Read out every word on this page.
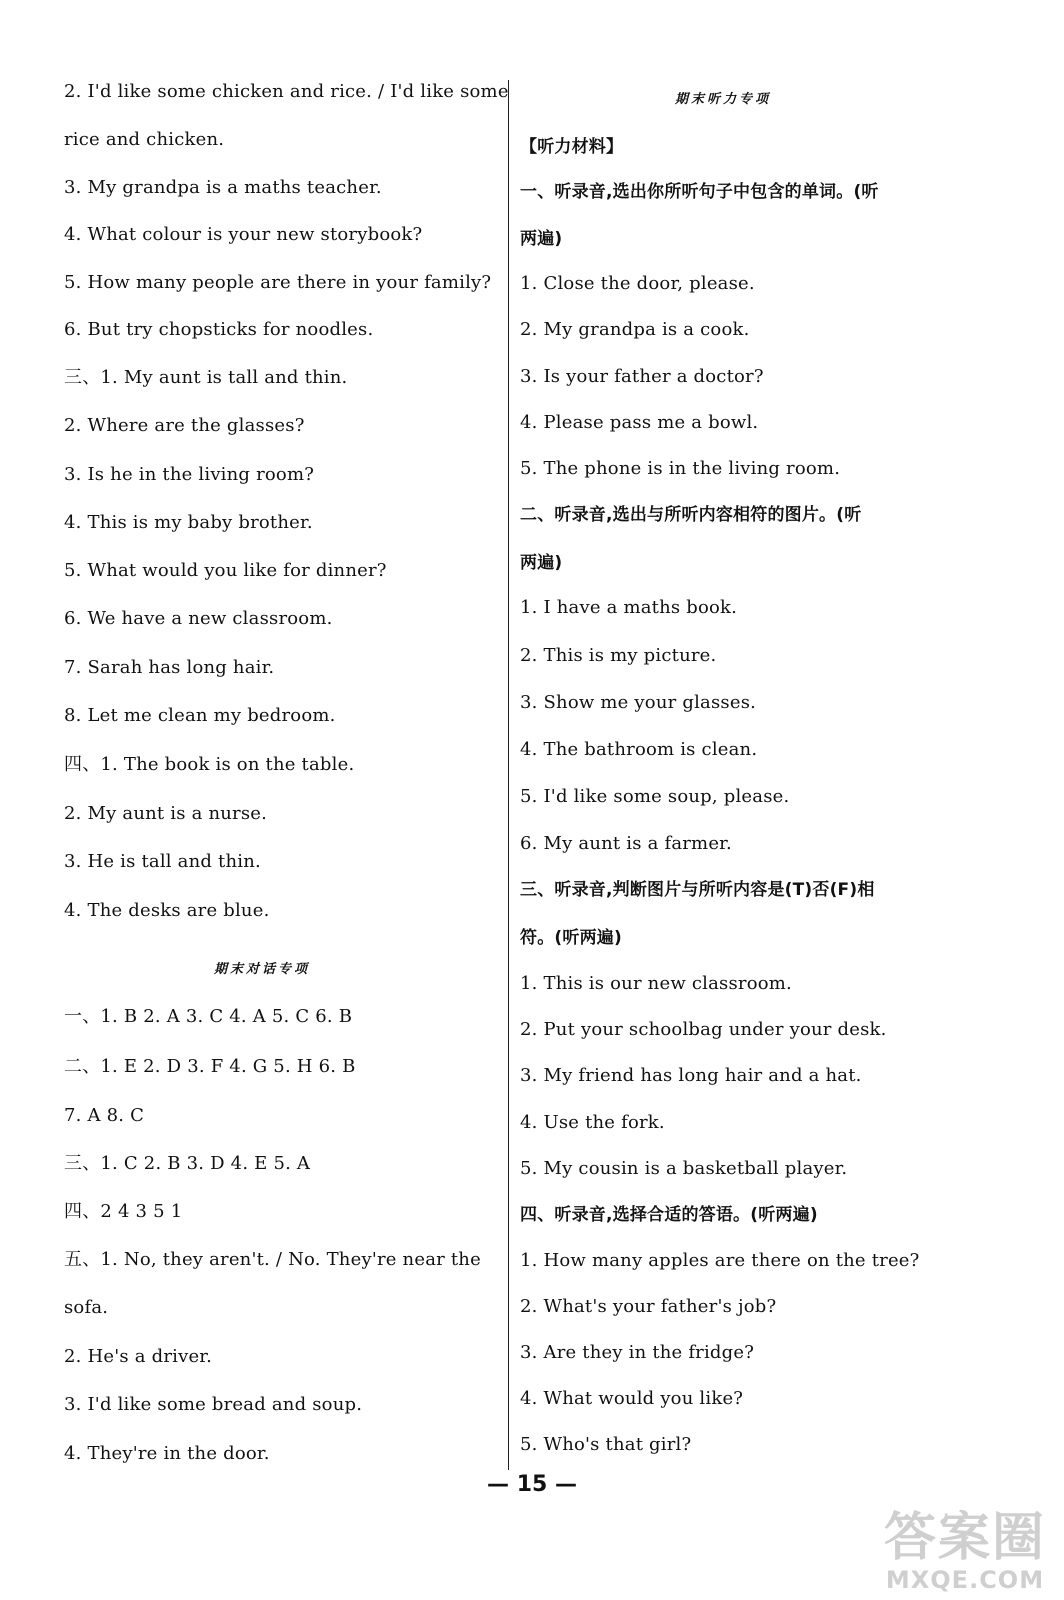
期末对话专项
2. I'd like some chicken and rice. / I'd like some
rice and chicken.
3. My grandpa is a maths teacher.
4. What colour is your new storybook?
5. How many people are there in your family?
6. But try chopsticks for noodles.
三、1. My aunt is tall and thin.
2. Where are the glasses?
3. Is he in the living room?
4. This is my baby brother.
5. What would you like for dinner?
6. We have a new classroom.
7. Sarah has long hair.
8. Let me clean my bedroom.
四、1. The book is on the table.
2. My aunt is a nurse.
3. He is tall and thin.
4. The desks are blue.
一、1. B 2. A 3. C 4. A 5. C 6. B
二、1. E 2. D 3. F 4. G 5. H 6. B
7. A 8. C
三、1. C 2. B 3. D 4. E 5. A
四、2 4 3 5 1
五、1. No, they aren't. / No. They're near the
sofa.
2. He's a driver.
3. I'd like some bread and soup.
4. They're in the door.
期末听力专项
【听力材料】
一、听录音,选出你所听句子中包含的单词。(听
两遍)
1. Close the door, please.
2. My grandpa is a cook.
3. Is your father a doctor?
4. Please pass me a bowl.
5. The phone is in the living room.
二、听录音,选出与所听内容相符的图片。(听
两遍)
1. I have a maths book.
2. This is my picture.
3. Show me your glasses.
4. The bathroom is clean.
5. I'd like some soup, please.
6. My aunt is a farmer.
三、听录音,判断图片与所听内容是(T)否(F)相
符。(听两遍)
1. This is our new classroom.
2. Put your schoolbag under your desk.
3. My friend has long hair and a hat.
4. Use the fork.
5. My cousin is a basketball player.
四、听录音,选择合适的答语。(听两遍)
1. How many apples are there on the tree?
2. What's your father's job?
3. Are they in the fridge?
4. What would you like?
5. Who's that girl?
— 15 —
答案圈
MXQE.COM
